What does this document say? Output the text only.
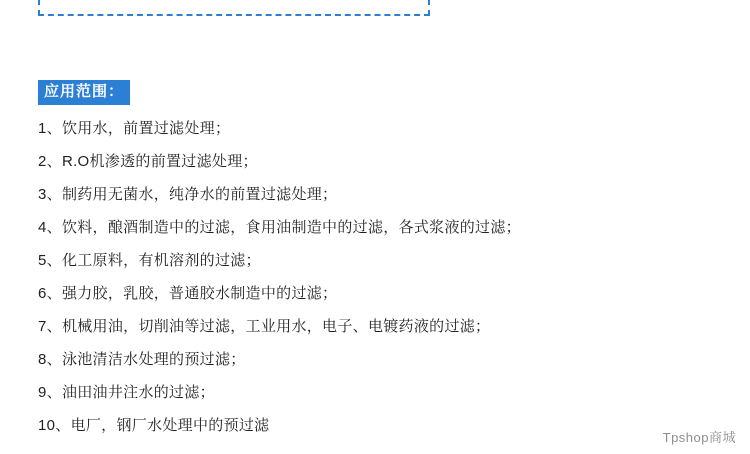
应用范围：
1、饮用水，前置过滤处理；
2、R.O机渗透的前置过滤处理；
3、制药用无菌水，纯净水的前置过滤处理；
4、饮料，酿酒制造中的过滤，食用油制造中的过滤，各式浆液的过滤；
5、化工原料，有机溶剂的过滤；
6、强力胶，乳胶，普通胶水制造中的过滤；
7、机械用油，切削油等过滤，工业用水，电子、电镀药液的过滤；
8、泳池清洁水处理的预过滤；
9、油田油井注水的过滤；
10、电厂，钢厂水处理中的预过滤
Tpshop商城
